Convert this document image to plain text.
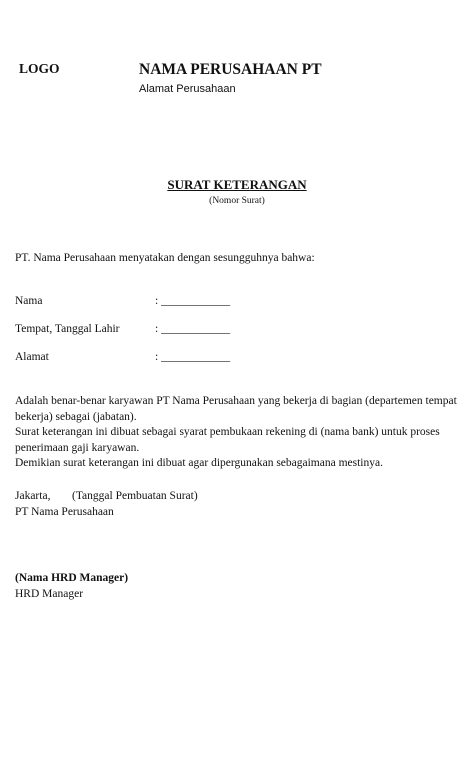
LOGO	NAMA PERUSAHAAN PT
Alamat Perusahaan
SURAT KETERANGAN
(Nomor Surat)
PT. Nama Perusahaan menyatakan dengan sesungguhnya bahwa:
Nama	: ____________
Tempat, Tanggal Lahir	: ____________
Alamat	: ____________

Adalah benar-benar karyawan PT Nama Perusahaan yang bekerja di bagian (departemen tempat bekerja) sebagai (jabatan).

Surat keterangan ini dibuat sebagai syarat pembukaan rekening di (nama bank) untuk proses penerimaan gaji karyawan.

Demikian surat keterangan ini dibuat agar dipergunakan sebagaimana mestinya.

Jakarta, (Tanggal Pembuatan Surat)
PT Nama Perusahaan
(Nama HRD Manager)
HRD Manager
